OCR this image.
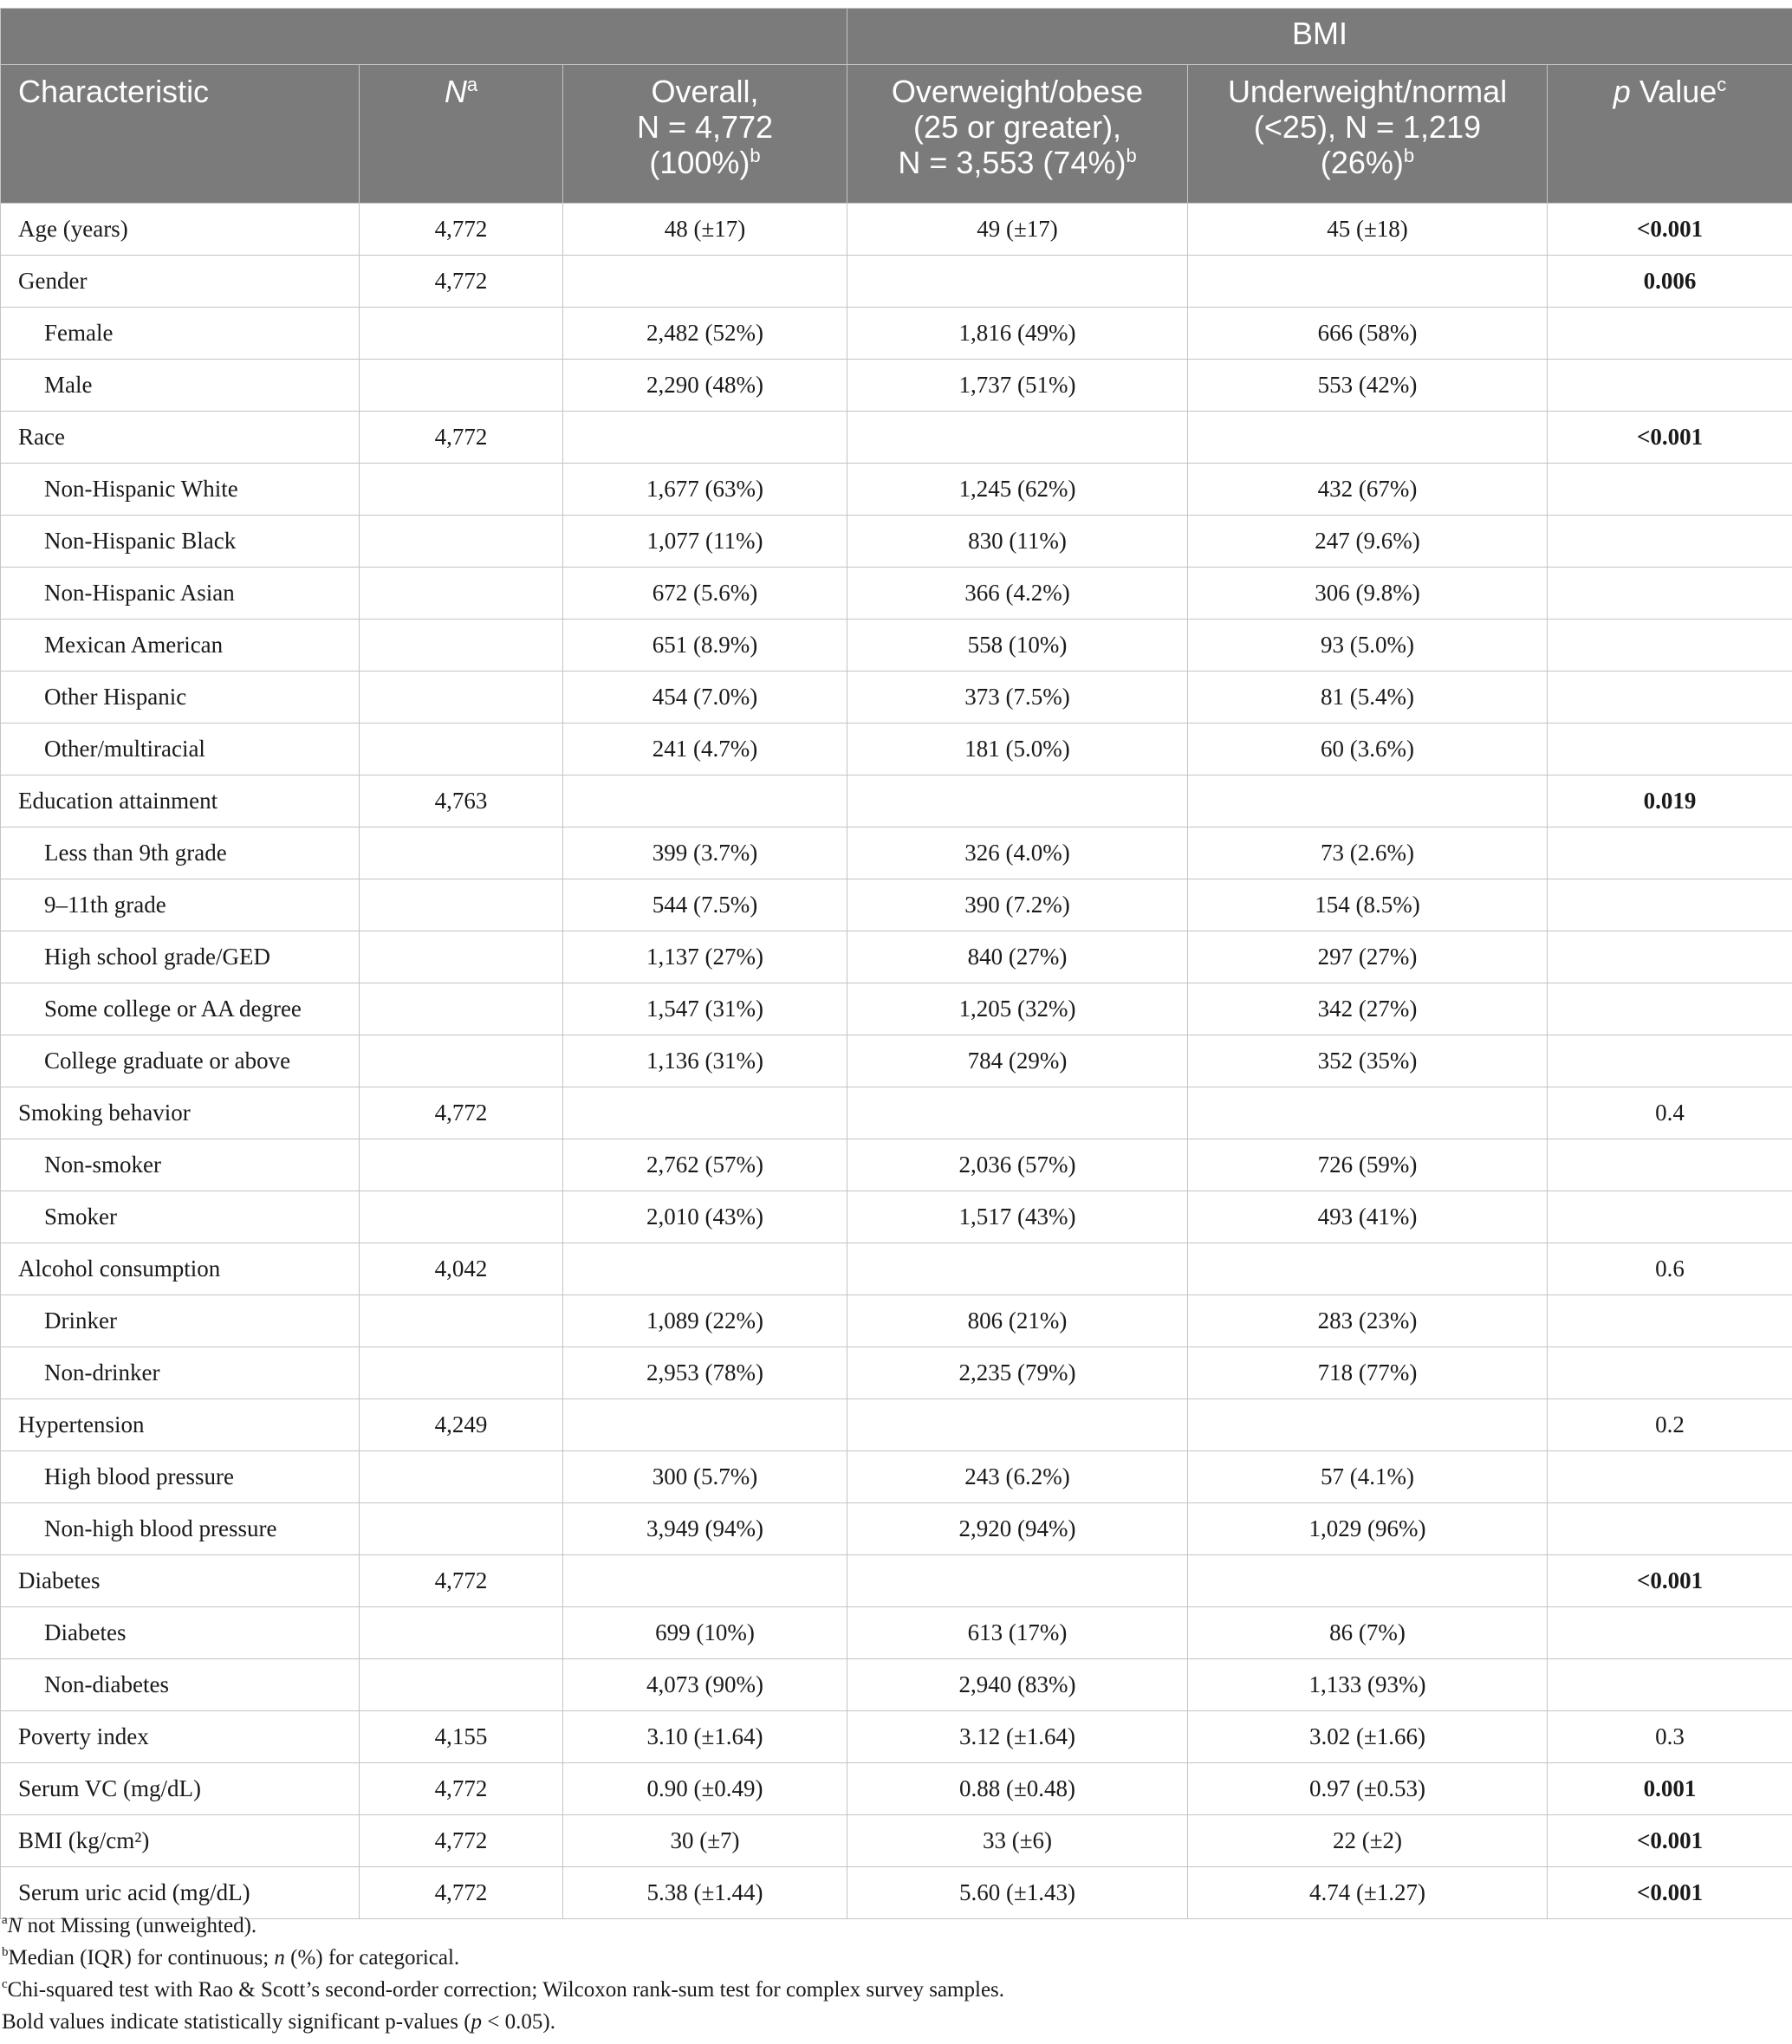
			BMI		
Characteristic	$N^a$	Overall,
N = 4,772
$(100\%)^b$	Overweight/obese
(25 or greater),
N = 3,553 $(74\%)^b$	Underweight/normal
(<25), N = 1,219
$(26\%)^b$	p Value$^c$
Age (years)	4,772	48 (±17)	49 (±17)	45 (±18)	<0.001
Gender	4,772				0.006
Female		2,482 (52%)	1,816 (49%)	666 (58%)	
Male		2,290 (48%)	1,737 (51%)	553 (42%)	
Race	4,772				<0.001
Non-Hispanic White		1,677 (63%)	1,245 (62%)	432 (67%)	
Non-Hispanic Black		1,077 (11%)	830 (11%)	247 (9.6%)	
Non-Hispanic Asian		672 (5.6%)	366 (4.2%)	306 (9.8%)	
Mexican American		651 (8.9%)	558 (10%)	93 (5.0%)	
Other Hispanic		454 (7.0%)	373 (7.5%)	81 (5.4%)	
Other/multiracial		241 (4.7%)	181 (5.0%)	60 (3.6%)	
Education attainment	4,763				0.019
Less than 9th grade		399 (3.7%)	326 (4.0%)	73 (2.6%)	
9–11th grade		544 (7.5%)	390 (7.2%)	154 (8.5%)	
High school grade/GED		1,137 (27%)	840 (27%)	297 (27%)	
Some college or AA degree		1,547 (31%)	1,205 (32%)	342 (27%)	
College graduate or above		1,136 (31%)	784 (29%)	352 (35%)	
Smoking behavior	4,772				0.4
Non-smoker		2,762 (57%)	2,036 (57%)	726 (59%)	
Smoker		2,010 (43%)	1,517 (43%)	493 (41%)	
Alcohol consumption	4,042				0.6
Drinker		1,089 (22%)	806 (21%)	283 (23%)	
Non-drinker		2,953 (78%)	2,235 (79%)	718 (77%)	
Hypertension	4,249				0.2
High blood pressure		300 (5.7%)	243 (6.2%)	57 (4.1%)	
Non-high blood pressure		3,949 (94%)	2,920 (94%)	1,029 (96%)	
Diabetes	4,772				<0.001
Diabetes		699 (10%)	613 (17%)	86 (7%)	
Non-diabetes		4,073 (90%)	2,940 (83%)	1,133 (93%)	
Poverty index	4,155	3.10 (±1.64)	3.12 (±1.64)	3.02 (±1.66)	0.3
Serum VC (mg/dL)	4,772	0.90 (±0.49)	0.88 (±0.48)	0.97 (±0.53)	0.001
BMI (kg/cm²)	4,772	30 (±7)	33 (±6)	22 (±2)	<0.001
Serum uric acid (mg/dL)	4,772	5.38 (±1.44)	5.60 (±1.43)	4.74 (±1.27)	<0.001

$^a$N not Missing (unweighted).

$^b$Median (IQR) for continuous; n (%) for categorical.

$^c$Chi-squared test with Rao & Scott’s second-order correction; Wilcoxon rank-sum test for complex survey samples.

Bold values indicate statistically significant p-values (p < 0.05).
